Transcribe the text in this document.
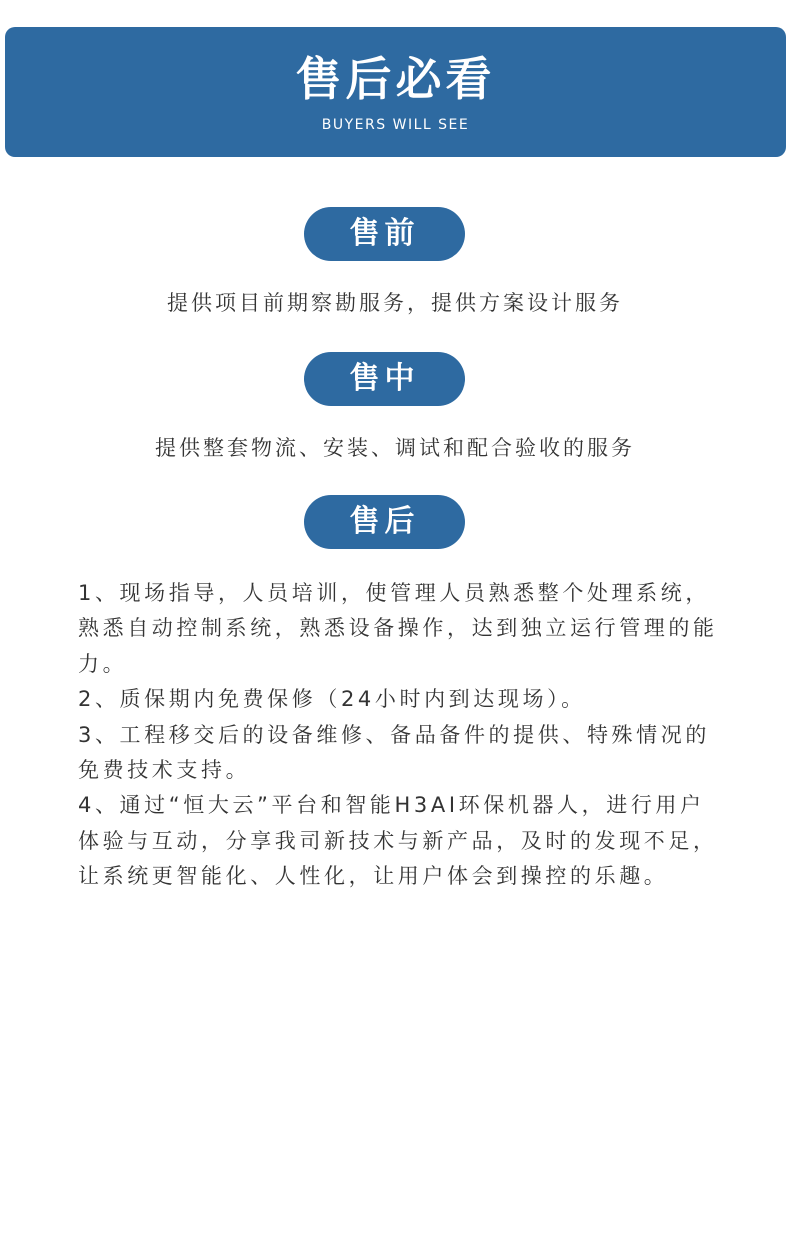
售后必看
BUYERS WILL SEE
售前
提供项目前期察勘服务，提供方案设计服务
售中
提供整套物流、安装、调试和配合验收的服务
售后

1、现场指导，人员培训，使管理人员熟悉整个处理系统，熟悉自动控制系统，熟悉设备操作，达到独立运行管理的能力。

2、质保期内免费保修（24小时内到达现场）。

3、工程移交后的设备维修、备品备件的提供、特殊情况的免费技术支持。

4、通过“恒大云”平台和智能H3AI环保机器人，进行用户体验与互动，分享我司新技术与新产品，及时的发现不足，让系统更智能化、人性化，让用户体会到操控的乐趣。
